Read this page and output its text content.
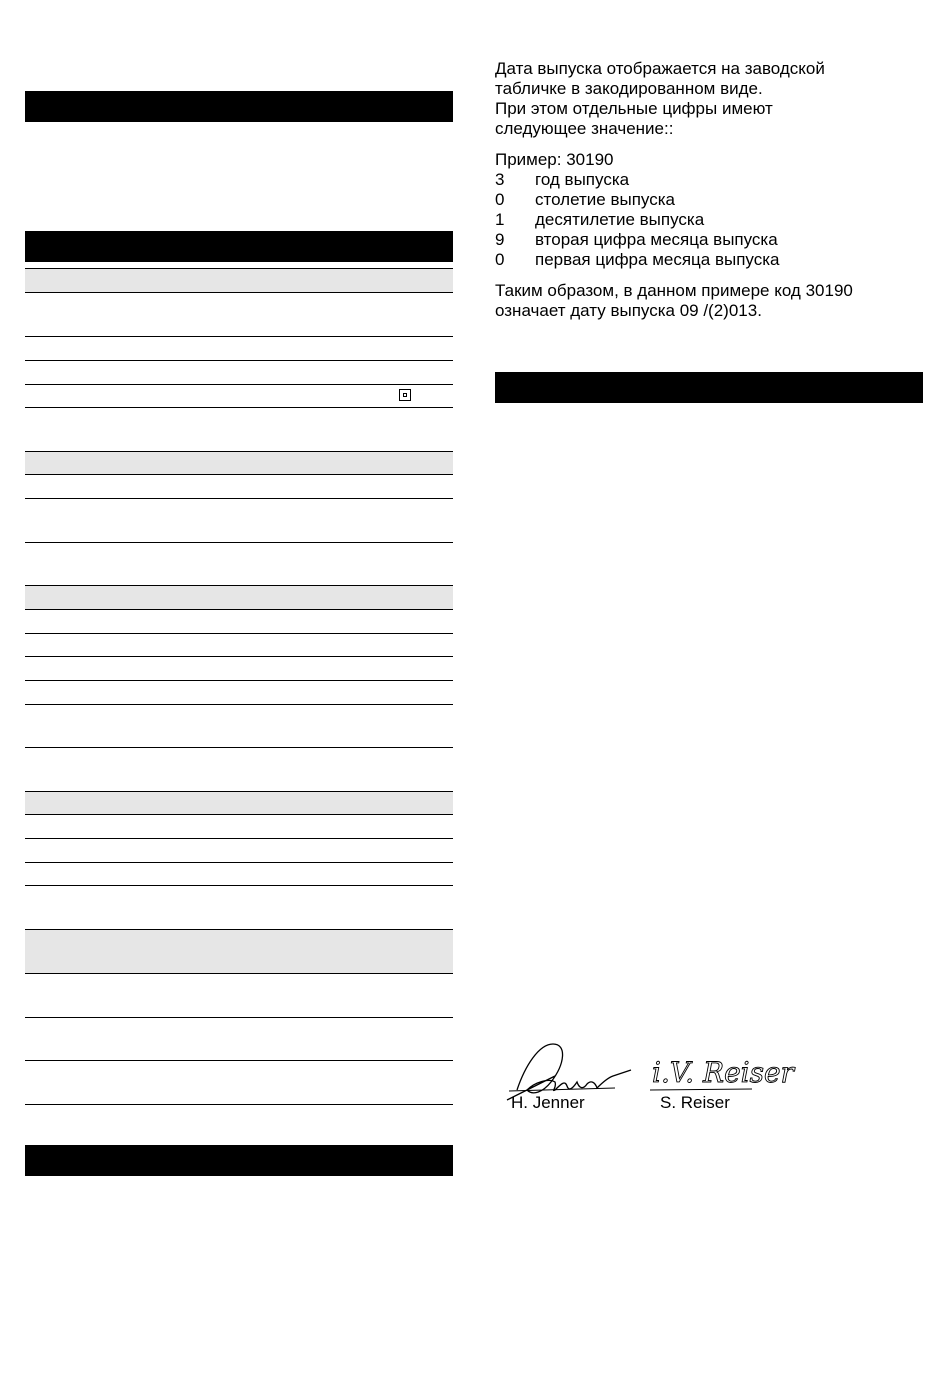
Дата выпуска отображается на заводской
табличке в закодированном виде.
При этом отдельные цифры имеют
следующее значение::
Пример: 30190
3 год выпуска
0 столетие выпуска
1 десятилетие выпуска
9 вторая цифра месяца выпуска
0 первая цифра месяца выпуска
Таким образом, в данном примере код 30190
означает дату выпуска 09 /(2)013.
i.V. Reiser
H. Jenner	S. Reiser
